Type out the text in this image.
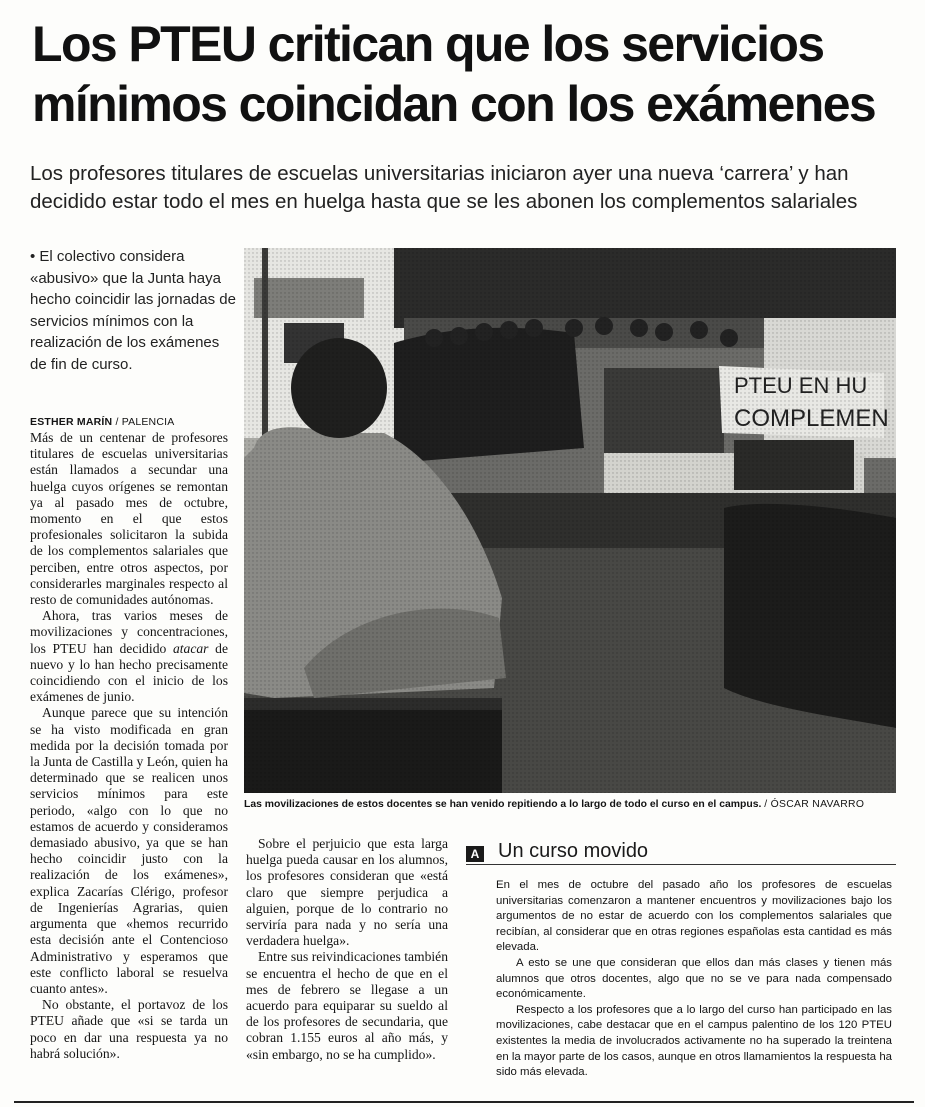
Los PTEU critican que los servicios mínimos coincidan con los exámenes
Los profesores titulares de escuelas universitarias iniciaron ayer una nueva ‘carrera’ y han decidido estar todo el mes en huelga hasta que se les abonen los complementos salariales
• El colectivo considera «abusivo» que la Junta haya hecho coincidir las jornadas de servicios mínimos con la realización de los exámenes de fin de curso.
ESTHER MARÍN / PALENCIA

Más de un centenar de profesores titulares de escuelas universitarias están llamados a secundar una huelga cuyos orígenes se remontan ya al pasado mes de octubre, momento en el que estos profesionales solicitaron la subida de los complementos salariales que perciben, entre otros aspectos, por considerarles marginales respecto al resto de comunidades autónomas.

Ahora, tras varios meses de movilizaciones y concentraciones, los PTEU han decidido atacar de nuevo y lo han hecho precisamente coincidiendo con el inicio de los exámenes de junio.

Aunque parece que su intención se ha visto modificada en gran medida por la decisión tomada por la Junta de Castilla y León, quien ha determinado que se realicen unos servicios mínimos para este periodo, «algo con lo que no estamos de acuerdo y consideramos demasiado abusivo, ya que se han hecho coincidir justo con la realización de los exámenes», explica Zacarías Clérigo, profesor de Ingenierías Agrarias, quien argumenta que «hemos recurrido esta decisión ante el Contencioso Administrativo y esperamos que este conflicto laboral se resuelva cuanto antes».

No obstante, el portavoz de los PTEU añade que «si se tarda un poco en dar una respuesta ya no habrá solución».

Las movilizaciones de estos docentes se han venido repitiendo a lo largo de todo el curso en el campus. / ÓSCAR NAVARRO

Sobre el perjuicio que esta larga huelga pueda causar en los alumnos, los profesores consideran que «está claro que siempre perjudica a alguien, porque de lo contrario no serviría para nada y no sería una verdadera huelga».

Entre sus reivindicaciones también se encuentra el hecho de que en el mes de febrero se llegase a un acuerdo para equiparar su sueldo al de los profesores de secundaria, que cobran 1.155 euros al año más, y «sin embargo, no se ha cumplido».

A Un curso movido

En el mes de octubre del pasado año los profesores de escuelas universitarias comenzaron a mantener encuentros y movilizaciones bajo los argumentos de no estar de acuerdo con los complementos salariales que recibían, al considerar que en otras regiones españolas esta cantidad es más elevada.

A esto se une que consideran que ellos dan más clases y tienen más alumnos que otros docentes, algo que no se ve para nada compensado económicamente.

Respecto a los profesores que a lo largo del curso han participado en las movilizaciones, cabe destacar que en el campus palentino de los 120 PTEU existentes la media de involucrados activamente no ha superado la treintena en la mayor parte de los casos, aunque en otros llamamientos la respuesta ha sido más elevada.
